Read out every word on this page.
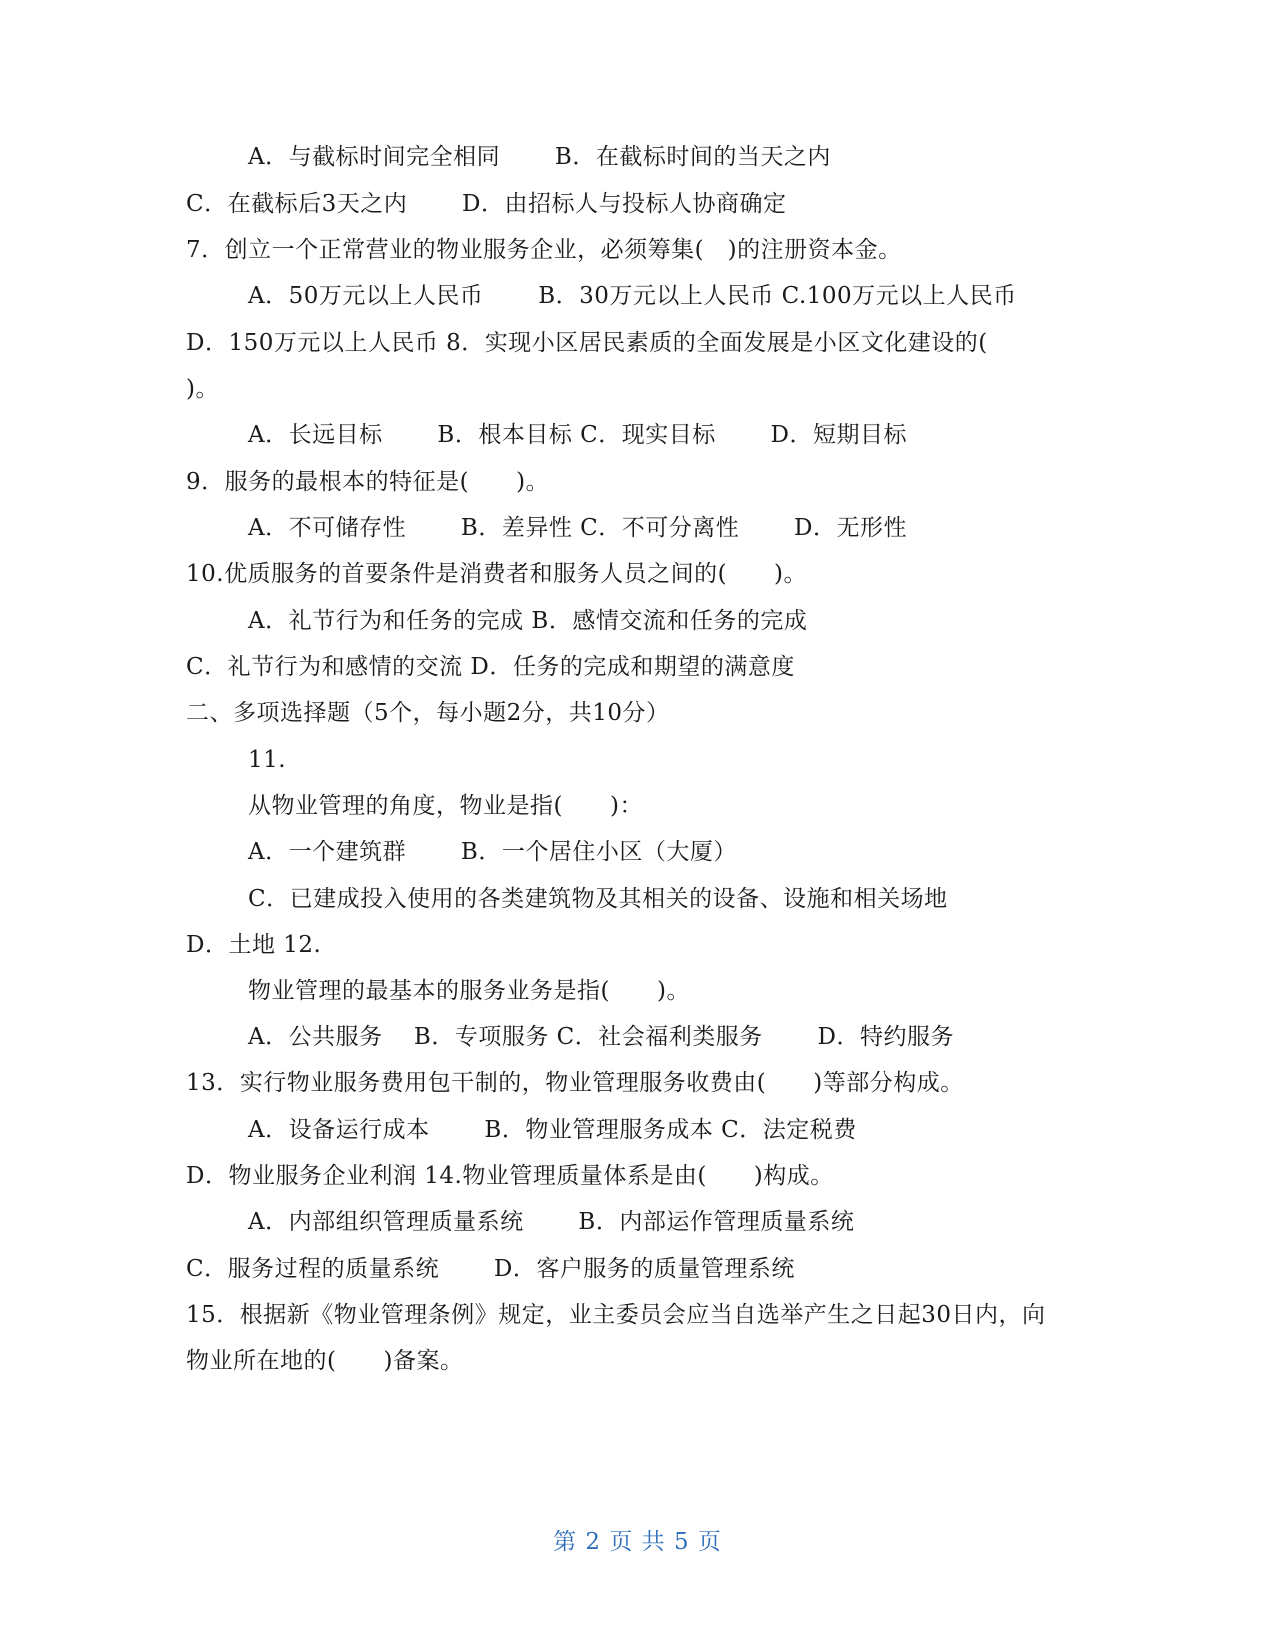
A．与截标时间完全相同　　 B．在截标时间的当天之内
C．在截标后3天之内　　 D．由招标人与投标人协商确定
7．创立一个正常营业的物业服务企业，必须筹集(　)的注册资本金。
A．50万元以上人民币　　 B．30万元以上人民币 C.100万元以上人民币
D．150万元以上人民币 8．实现小区居民素质的全面发展是小区文化建设的(
)。
A．长远目标　　 B．根本目标 C．现实目标　　 D．短期目标
9．服务的最根本的特征是(　　)。
A．不可储存性　　 B．差异性 C．不可分离性　　 D．无形性
10.优质服务的首要条件是消费者和服务人员之间的(　　)。
A．礼节行为和任务的完成 B．感情交流和任务的完成
C．礼节行为和感情的交流 D．任务的完成和期望的满意度
二、多项选择题（5个，每小题2分，共10分）
11.
从物业管理的角度，物业是指(　　)：
A．一个建筑群　　 B．一个居住小区（大厦）
C．已建成投入使用的各类建筑物及其相关的设备、设施和相关场地
D．土地 12.
物业管理的最基本的服务业务是指(　　)。
A．公共服务　 B．专项服务 C．社会福利类服务　　 D．特约服务
13．实行物业服务费用包干制的，物业管理服务收费由(　　)等部分构成。
A．设备运行成本　　 B．物业管理服务成本 C．法定税费
D．物业服务企业利润 14.物业管理质量体系是由(　　)构成。
A．内部组织管理质量系统　　 B．内部运作管理质量系统
C．服务过程的质量系统　　 D．客户服务的质量管理系统
15．根据新《物业管理条例》规定，业主委员会应当自选举产生之日起30日内，向
物业所在地的(　　)备案。
第 2 页 共 5 页
